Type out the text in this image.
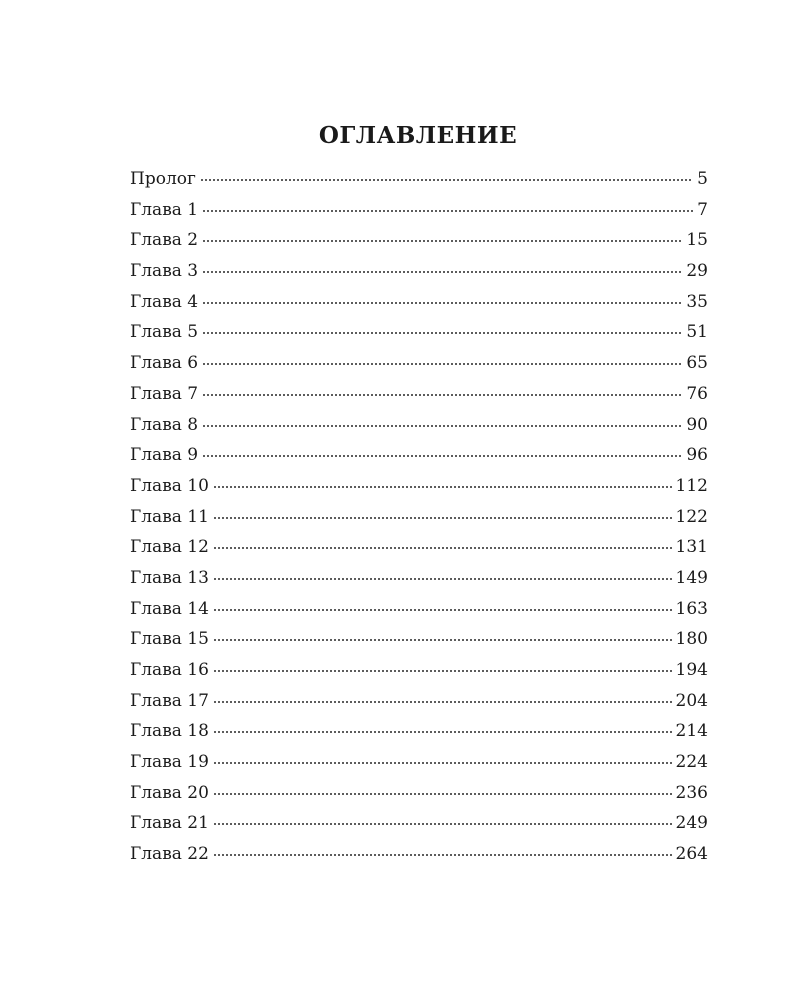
ОГЛАВЛЕНИЕ
Пролог	5
Глава 1	7
Глава 2	15
Глава 3	29
Глава 4	35
Глава 5	51
Глава 6	65
Глава 7	76
Глава 8	90
Глава 9	96
Глава 10	112
Глава 11	122
Глава 12	131
Глава 13	149
Глава 14	163
Глава 15	180
Глава 16	194
Глава 17	204
Глава 18	214
Глава 19	224
Глава 20	236
Глава 21	249
Глава 22	264
